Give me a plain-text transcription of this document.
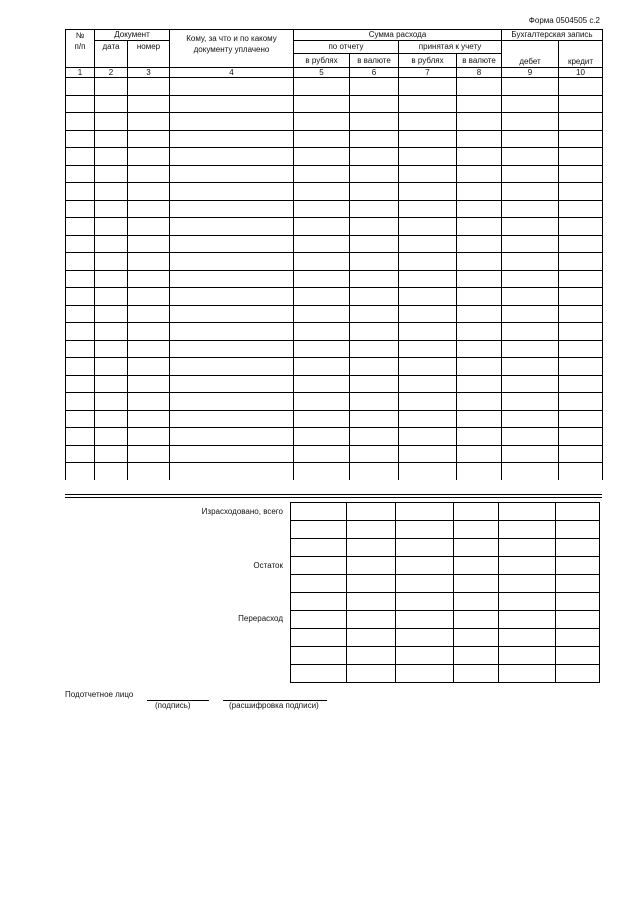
Форма 0504505 с.2
№
п/п	Документ		Кому, за что и по какому документу уплачено	Сумма расхода				Бухгалтерская запись	
	дата	номер		по отчету		принятая к учету		дебет	кредит
				в рублях	в валюте	в рублях	в валюте		
1	2	3	4	5	6	7	8	9	10

Израсходовано, всего
Остаток
Перерасход
Подотчетное лицо
(подпись)	(расшифровка подписи)
